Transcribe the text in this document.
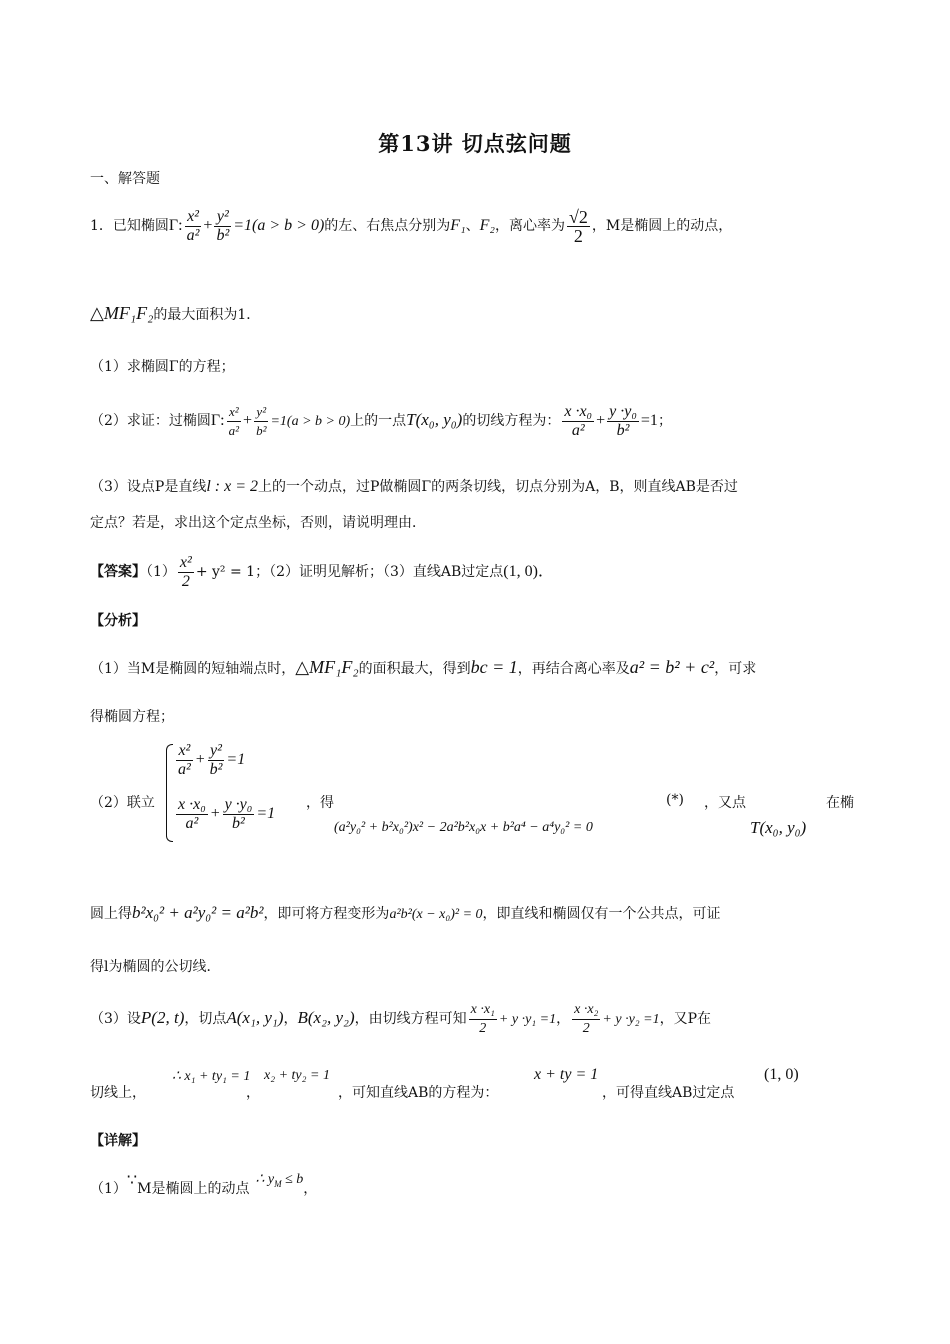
第13讲 切点弦问题
一、解答题
1．已知椭圆Γ: $\frac{\text{x²}}{\text{a²}} + \frac{\text{y²}}{\text{b²}} =1(a > b > 0)$的左、右焦点分别为F₁、F₂，离心率为 $\frac{√2}{2}$ ，M是椭圆上的动点，
△MF₁F₂的最大面积为1．
（1）求椭圆Γ的方程；
（2）求证：过椭圆Γ: $\frac{\text{x²}}{\text{a²}} + \frac{\text{y²}}{\text{b²}} =1(a > b > 0)$上的一点T(x₀, y₀)的切线方程为： $\frac{\text{x ·x₀}}{\text{a²}} + \frac{\text{y ·y₀}}{\text{b²}} =1$；
（3）设点P是直线l : x = 2上的一个动点，过P做椭圆Γ的两条切线，切点分别为A，B，则直线AB是否过
定点？若是，求出这个定点坐标，否则，请说明理由．
【答案】$(1) \frac{\text{x²}}{2} + y^2 = 1$；（2）证明见解析；（3）直线AB过定点(1, 0)．
【分析】
（1）当M是椭圆的短轴端点时，△MF₁F₂的面积最大，得到bc = 1，再结合离心率及a² = b² + c²，可求
得椭圆方程；
（2）联立
$\frac{\text{x²}}{\text{a²}} + \frac{\text{y²}}{\text{b²}} =1$
$\frac{\text{x ·x₀}}{\text{a²}} + \frac{\text{y ·y₀}}{\text{b²}} =1$
，得
(a²y₀² + b²x₀²)x² − 2a²b²x₀x + b²a⁴ − a⁴y₀² = 0
(*) ，又点
T(x₀, y₀)
在椭
圆上得b²x₀² + a²y₀² = a²b²，即可将方程变形为a²b²(x − x₀)² = 0，即直线和椭圆仅有一个公共点，可证
得l为椭圆的公切线．
（3）设P(2, t)，切点A(x₁, y₁)，B(x₂, y₂)，由切线方程可知 $\frac{\text{x ·x₁}}{2} + y \cdot y_1 =1$， $\frac{\text{x ·x₂}}{2} + y \cdot y_2 =1$，又P在
切线上，
∴ x₁ + ty₁ = 1
，
x₂ + ty₂ = 1
，可知直线AB的方程为：
x + ty = 1
，可得直线AB过定点
(1, 0)
【详解】
（1）∵M是椭圆上的动点∴ $y_M \le b$，
